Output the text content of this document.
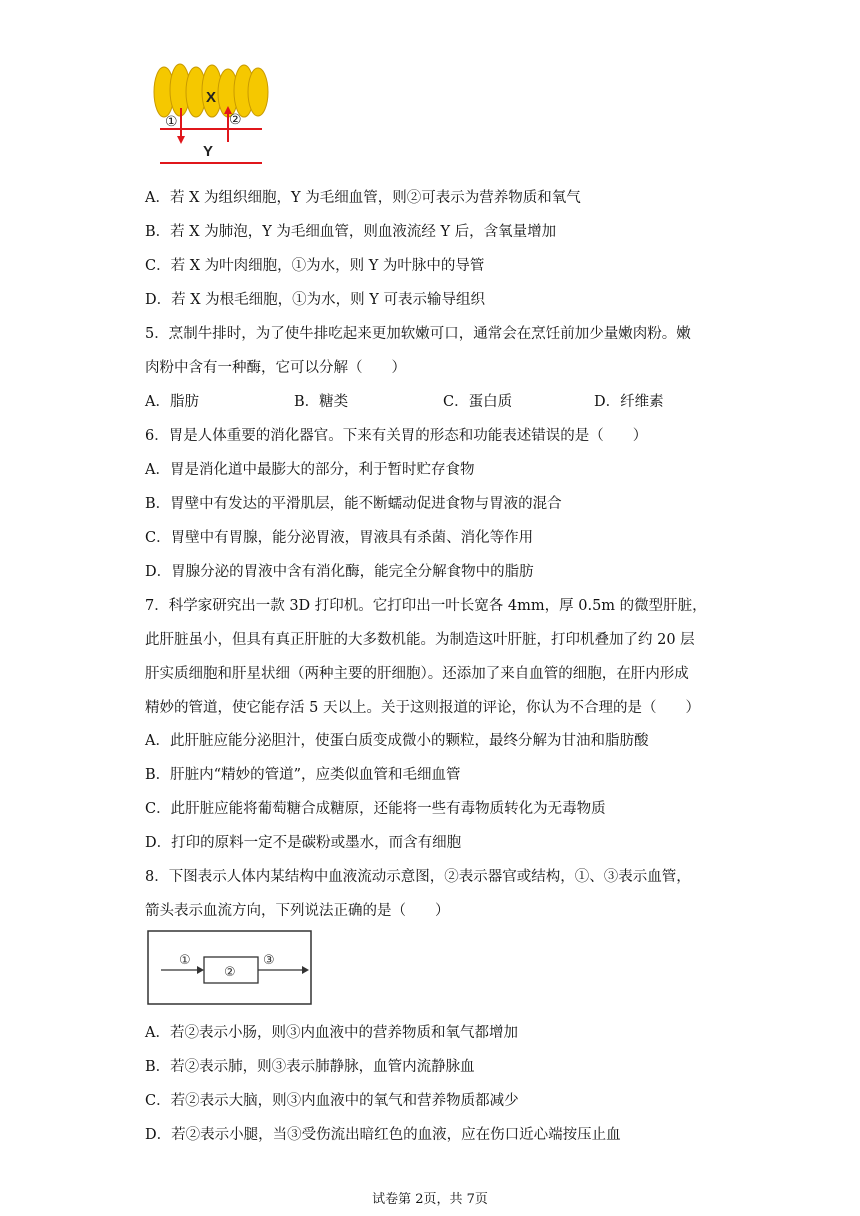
X
①	②
Y
A．若 X 为组织细胞，Y 为毛细血管，则②可表示为营养物质和氧气
B．若 X 为肺泡，Y 为毛细血管，则血液流经 Y 后，含氧量增加
C．若 X 为叶肉细胞，①为水，则 Y 为叶脉中的导管
D．若 X 为根毛细胞，①为水，则 Y 可表示输导组织
5．烹制牛排时，为了使牛排吃起来更加软嫩可口，通常会在烹饪前加少量嫩肉粉。嫩
肉粉中含有一种酶，它可以分解（　　）
A．脂肪	B．糖类	C．蛋白质	D．纤维素
6．胃是人体重要的消化器官。下来有关胃的形态和功能表述错误的是（　　）
A．胃是消化道中最膨大的部分，利于暂时贮存食物
B．胃壁中有发达的平滑肌层，能不断蠕动促进食物与胃液的混合
C．胃壁中有胃腺，能分泌胃液，胃液具有杀菌、消化等作用
D．胃腺分泌的胃液中含有消化酶，能完全分解食物中的脂肪
7．科学家研究出一款 3D 打印机。它打印出一叶长宽各 4mm，厚 0.5m 的微型肝脏，
此肝脏虽小，但具有真正肝脏的大多数机能。为制造这叶肝脏，打印机叠加了约 20 层
肝实质细胞和肝星状细（两种主要的肝细胞）。还添加了来自血管的细胞，在肝内形成
精妙的管道，使它能存活 5 天以上。关于这则报道的评论，你认为不合理的是（　　）
A．此肝脏应能分泌胆汁，使蛋白质变成微小的颗粒，最终分解为甘油和脂肪酸
B．肝脏内“精妙的管道”，应类似血管和毛细血管
C．此肝脏应能将葡萄糖合成糖原，还能将一些有毒物质转化为无毒物质
D．打印的原料一定不是碳粉或墨水，而含有细胞
8．下图表示人体内某结构中血液流动示意图，②表示器官或结构，①、③表示血管，
箭头表示血流方向，下列说法正确的是（　　）
①
②
③
A．若②表示小肠，则③内血液中的营养物质和氧气都增加
B．若②表示肺，则③表示肺静脉，血管内流静脉血
C．若②表示大脑，则③内血液中的氧气和营养物质都减少
D．若②表示小腿，当③受伤流出暗红色的血液，应在伤口近心端按压止血
试卷第 2页，共 7页
